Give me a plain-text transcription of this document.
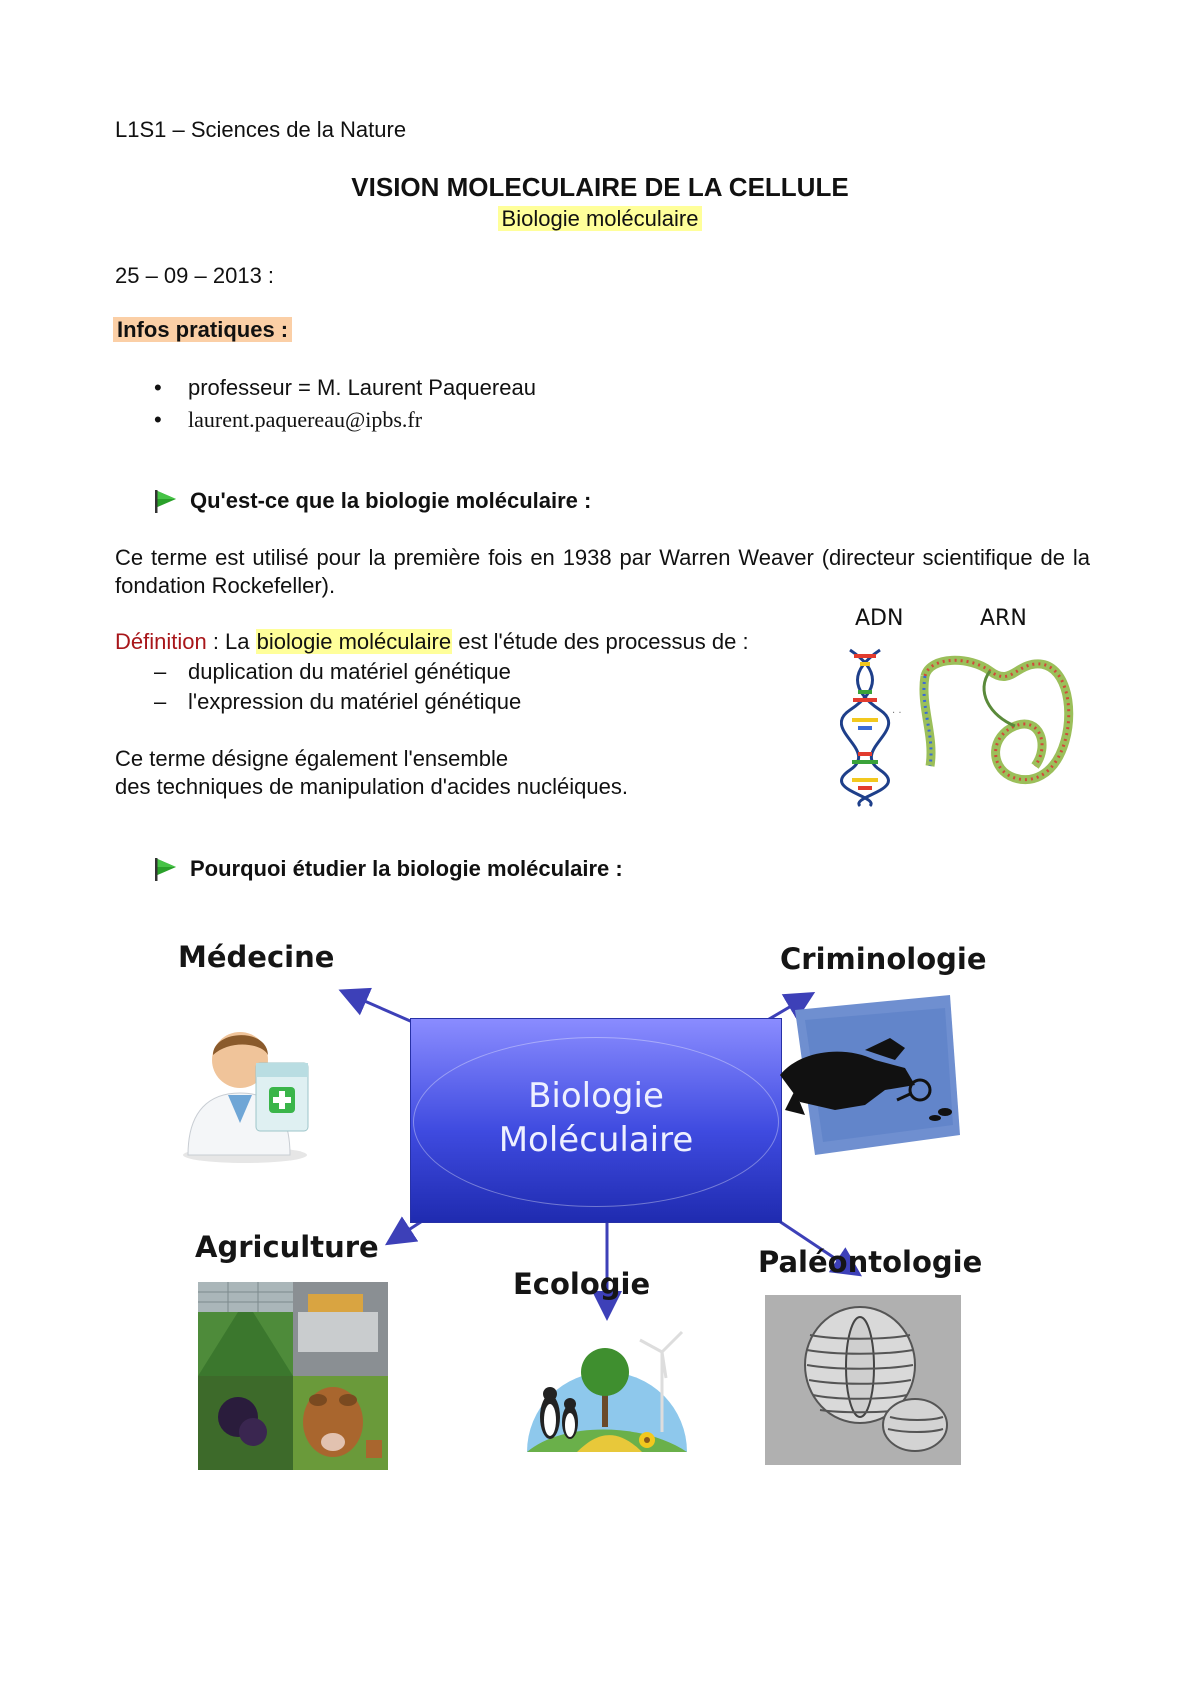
L1S1 – Sciences de la Nature
VISION MOLECULAIRE DE LA CELLULE
Biologie moléculaire
25 – 09 – 2013 :
Infos pratiques :
• professeur = M. Laurent Paquereau
• laurent.paquereau@ipbs.fr
Qu'est-ce que la biologie moléculaire :
Ce terme est utilisé pour la première fois en 1938 par Warren Weaver (directeur scientifique de la fondation Rockefeller).
Définition : La biologie moléculaire est l'étude des processus de :
– duplication du matériel génétique
– l'expression du matériel génétique
Ce terme désigne également l'ensemble
des techniques de manipulation d'acides nucléiques.
ADN	ARN
· ·
Pourquoi étudier la biologie moléculaire :
Biologie
Moléculaire
Médecine	Criminologie
Agriculture
Ecologie
Paléontologie
